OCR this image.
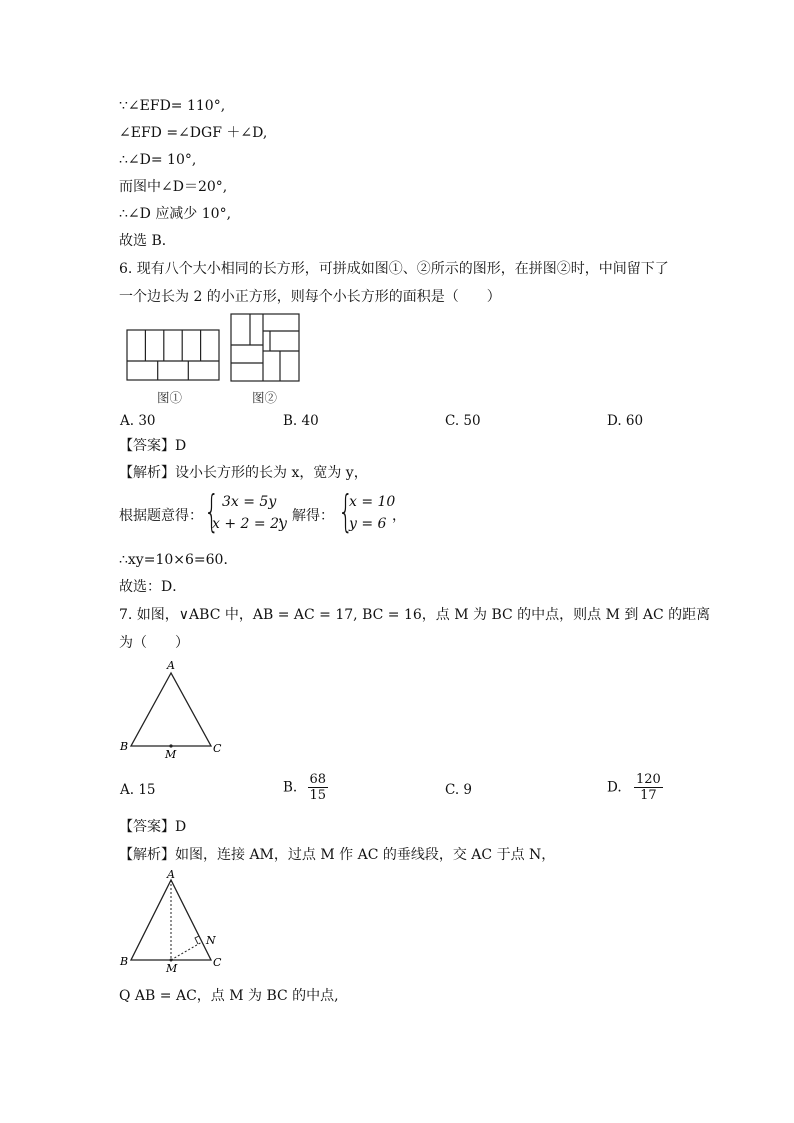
∵∠EFD= 110°,
∠EFD =∠DGF ＋∠D,
∴∠D= 10°,
而图中∠D＝20°,
∴∠D 应减少 10°,
故选 B．
6. 现有八个大小相同的长方形，可拼成如图①、②所示的图形，在拼图②时，中间留下了
一个边长为 2 的小正方形，则每个小长方形的面积是（　　）
图①	图②
A. 30	B. 40	C. 50	D. 60
【答案】D
【解析】设小长方形的长为 x，宽为 y，
根据题意得： { 3x = 5y
x + 2 = 2y
，解得： {
x = 10
y = 6 ，
∴xy=10×6=60．
故选：D．
7. 如图，∨ABC 中，AB = AC = 17, BC = 16，点 M 为 BC 的中点，则点 M 到 AC 的距离
为（　　）
A
B	C
M
A. 15	B. $\frac{68}{15}$	C. 9	D. $\frac{120}{17}$
【答案】D
【解析】如图，连接 AM，过点 M 作 AC 的垂线段，交 AC 于点 N，
A
B	C
M
N
Q AB = AC，点 M 为 BC 的中点,
